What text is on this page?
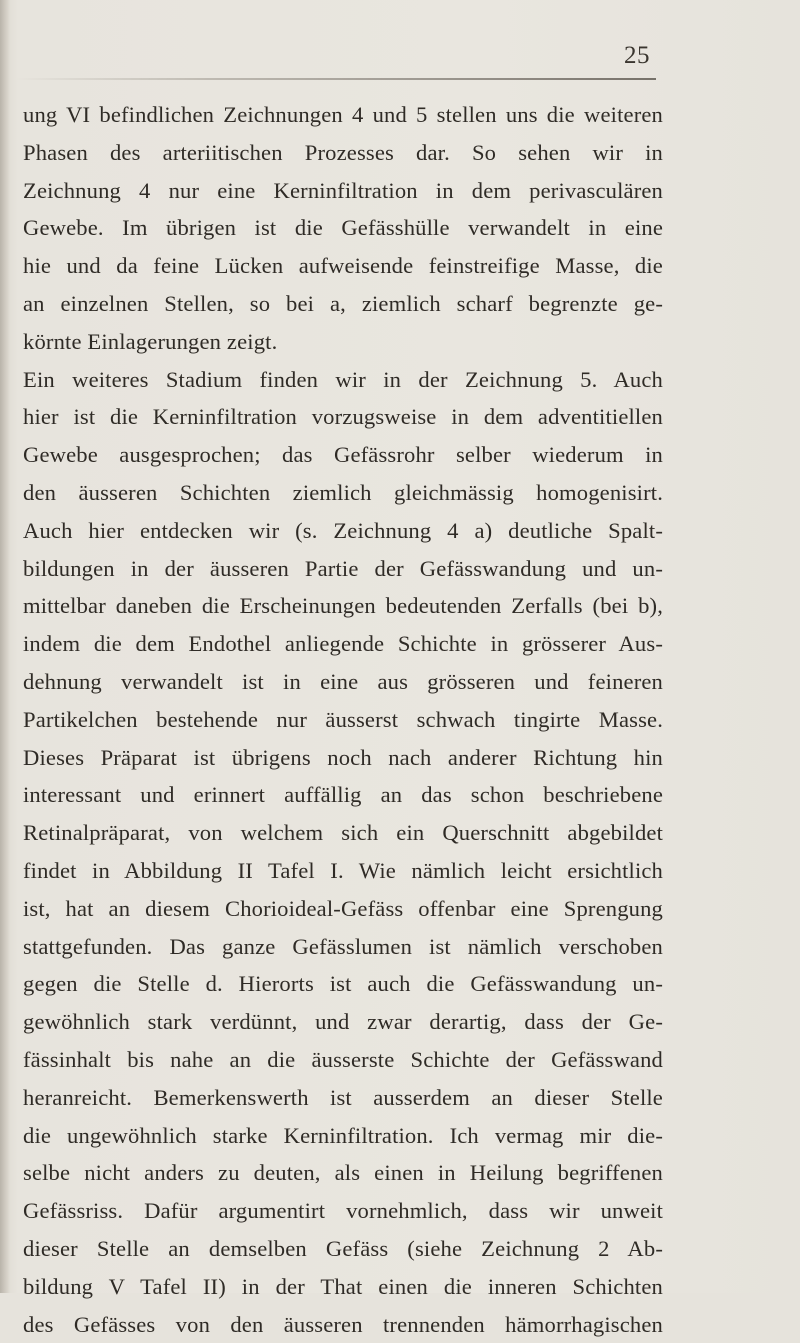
25
ung VI befindlichen Zeichnungen 4 und 5 stellen uns die weiteren
Phasen des arteriitischen Prozesses dar. So sehen wir in
Zeichnung 4 nur eine Kerninfiltration in dem perivasculären
Gewebe. Im übrigen ist die Gefässhülle verwandelt in eine
hie und da feine Lücken aufweisende feinstreifige Masse, die
an einzelnen Stellen, so bei a, ziemlich scharf begrenzte ge-
körnte Einlagerungen zeigt.
Ein weiteres Stadium finden wir in der Zeichnung 5. Auch
hier ist die Kerninfiltration vorzugsweise in dem adventitiellen
Gewebe ausgesprochen; das Gefässrohr selber wiederum in
den äusseren Schichten ziemlich gleichmässig homogenisirt.
Auch hier entdecken wir (s. Zeichnung 4 a) deutliche Spalt-
bildungen in der äusseren Partie der Gefässwandung und un-
mittelbar daneben die Erscheinungen bedeutenden Zerfalls (bei b),
indem die dem Endothel anliegende Schichte in grösserer Aus-
dehnung verwandelt ist in eine aus grösseren und feineren
Partikelchen bestehende nur äusserst schwach tingirte Masse.
Dieses Präparat ist übrigens noch nach anderer Richtung hin
interessant und erinnert auffällig an das schon beschriebene
Retinalpräparat, von welchem sich ein Querschnitt abgebildet
findet in Abbildung II Tafel I. Wie nämlich leicht ersichtlich
ist, hat an diesem Chorioideal-Gefäss offenbar eine Sprengung
stattgefunden. Das ganze Gefässlumen ist nämlich verschoben
gegen die Stelle d. Hierorts ist auch die Gefässwandung un-
gewöhnlich stark verdünnt, und zwar derartig, dass der Ge-
fässinhalt bis nahe an die äusserste Schichte der Gefässwand
heranreicht. Bemerkenswerth ist ausserdem an dieser Stelle
die ungewöhnlich starke Kerninfiltration. Ich vermag mir die-
selbe nicht anders zu deuten, als einen in Heilung begriffenen
Gefässriss. Dafür argumentirt vornehmlich, dass wir unweit
dieser Stelle an demselben Gefäss (siehe Zeichnung 2 Ab-
bildung V Tafel II) in der That einen die inneren Schichten
des Gefässes von den äusseren trennenden hämorrhagischen
